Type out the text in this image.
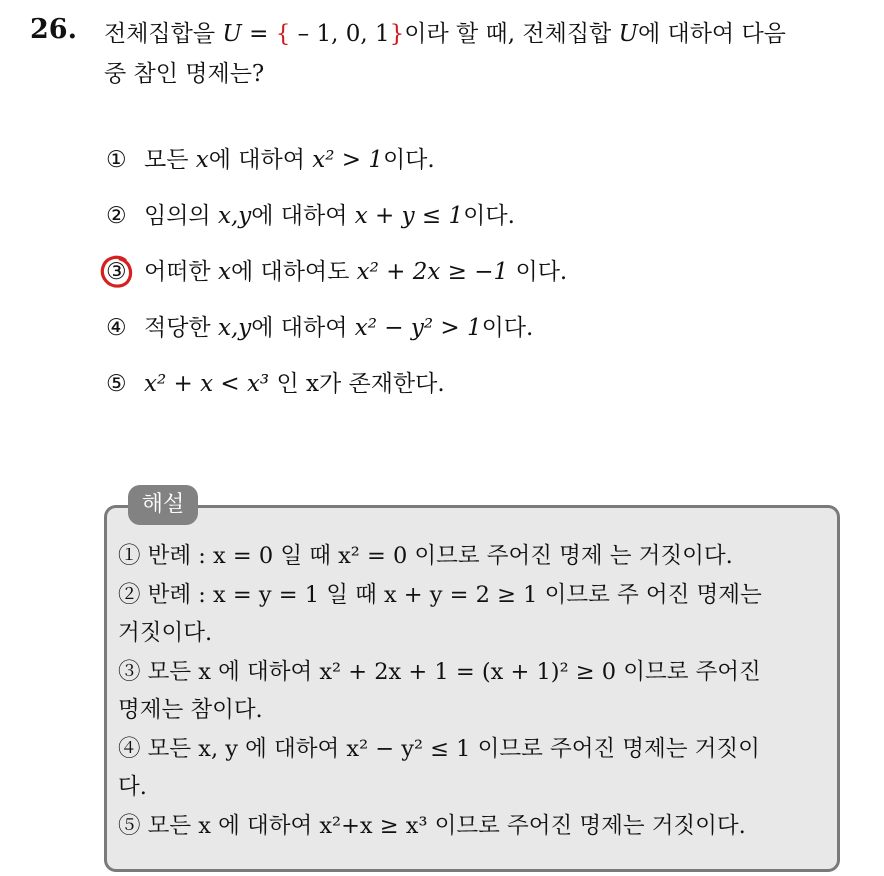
26. 전체집합을 U = { – 1, 0, 1}이라 할 때, 전체집합 U에 대하여 다음
중 참인 명제는?
① 모든 x에 대하여 x² > 1이다.
② 임의의 x,y에 대하여 x + y ≤ 1이다.
③ 어떠한 x에 대하여도 x² + 2x ≥ −1 이다.
④ 적당한 x,y에 대하여 x² − y² > 1이다.
⑤ x² + x < x³ 인 x가 존재한다.
해설
① 반례 : x = 0 일 때 x² = 0 이므로 주어진 명제 는 거짓이다.
② 반례 : x = y = 1 일 때 x + y = 2 ≥ 1 이므로 주 어진 명제는
거짓이다.
③ 모든 x 에 대하여 x² + 2x + 1 = (x + 1)² ≥ 0 이므로 주어진
명제는 참이다.
④ 모든 x, y 에 대하여 x² − y² ≤ 1 이므로 주어진 명제는 거짓이
다.
⑤ 모든 x 에 대하여 x²+x ≥ x³ 이므로 주어진 명제는 거짓이다.
